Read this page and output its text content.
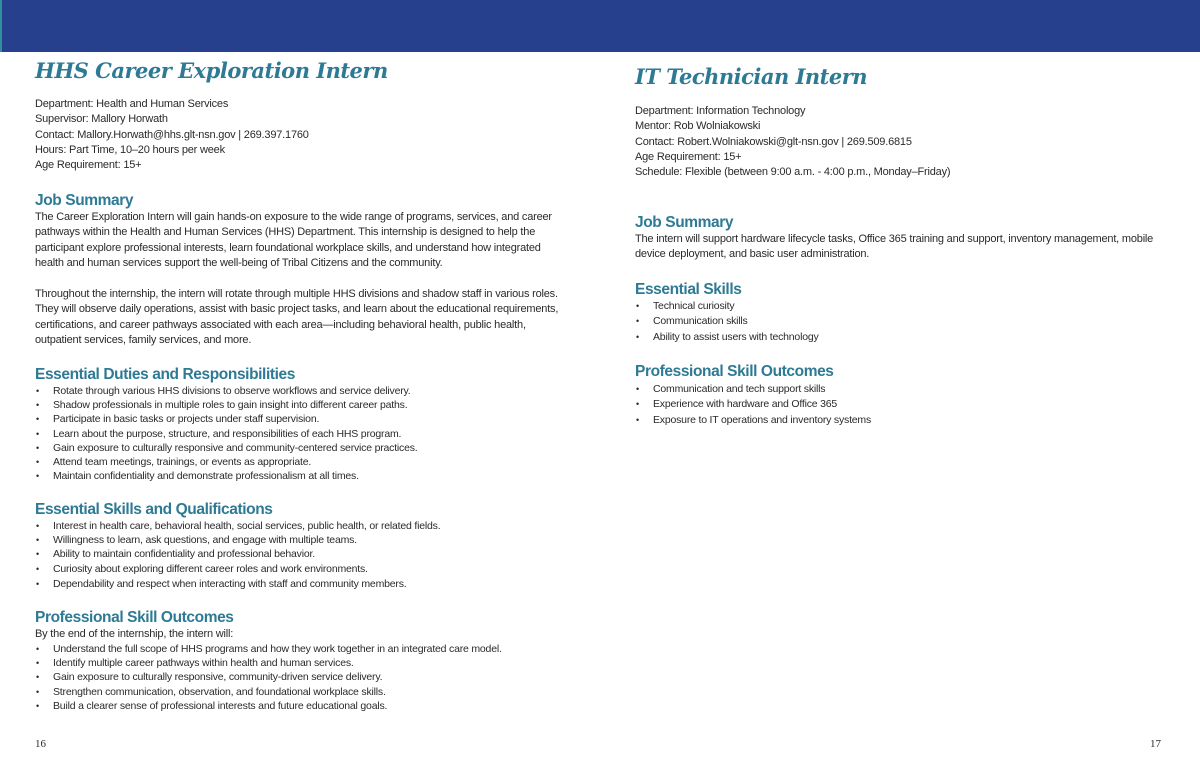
HHS Career Exploration Intern

Department: Health and Human Services

Supervisor: Mallory Horwath

Contact: Mallory.Horwath@hhs.glt-nsn.gov | 269.397.1760

Hours: Part Time, 10–20 hours per week

Age Requirement: 15+

Job Summary

The Career Exploration Intern will gain hands-on exposure to the wide range of programs, services, and career pathways within the Health and Human Services (HHS) Department. This internship is designed to help the participant explore professional interests, learn foundational workplace skills, and understand how integrated health and human services support the well-being of Tribal Citizens and the community.

Throughout the internship, the intern will rotate through multiple HHS divisions and shadow staff in various roles. They will observe daily operations, assist with basic project tasks, and learn about the educational requirements, certifications, and career pathways associated with each area—including behavioral health, public health, outpatient services, family services, and more.

Essential Duties and Responsibilities
• Rotate through various HHS divisions to observe workflows and service delivery.
• Shadow professionals in multiple roles to gain insight into different career paths.
• Participate in basic tasks or projects under staff supervision.
• Learn about the purpose, structure, and responsibilities of each HHS program.
• Gain exposure to culturally responsive and community-centered service practices.
• Attend team meetings, trainings, or events as appropriate.
• Maintain confidentiality and demonstrate professionalism at all times.
Essential Skills and Qualifications
• Interest in health care, behavioral health, social services, public health, or related fields.
• Willingness to learn, ask questions, and engage with multiple teams.
• Ability to maintain confidentiality and professional behavior.
• Curiosity about exploring different career roles and work environments.
• Dependability and respect when interacting with staff and community members.
Professional Skill Outcomes

By the end of the internship, the intern will:

• Understand the full scope of HHS programs and how they work together in an integrated care model.
• Identify multiple career pathways within health and human services.
• Gain exposure to culturally responsive, community-driven service delivery.
• Strengthen communication, observation, and foundational workplace skills.
• Build a clearer sense of professional interests and future educational goals.
16
IT Technician Intern

Department: Information Technology

Mentor: Rob Wolniakowski

Contact: Robert.Wolniakowski@glt-nsn.gov | 269.509.6815

Age Requirement: 15+

Schedule: Flexible (between 9:00 a.m. - 4:00 p.m., Monday–Friday)

Job Summary

The intern will support hardware lifecycle tasks, Office 365 training and support, inventory management, mobile device deployment, and basic user administration.

Essential Skills
• Technical curiosity
• Communication skills
• Ability to assist users with technology
Professional Skill Outcomes
• Communication and tech support skills
• Experience with hardware and Office 365
• Exposure to IT operations and inventory systems
17
